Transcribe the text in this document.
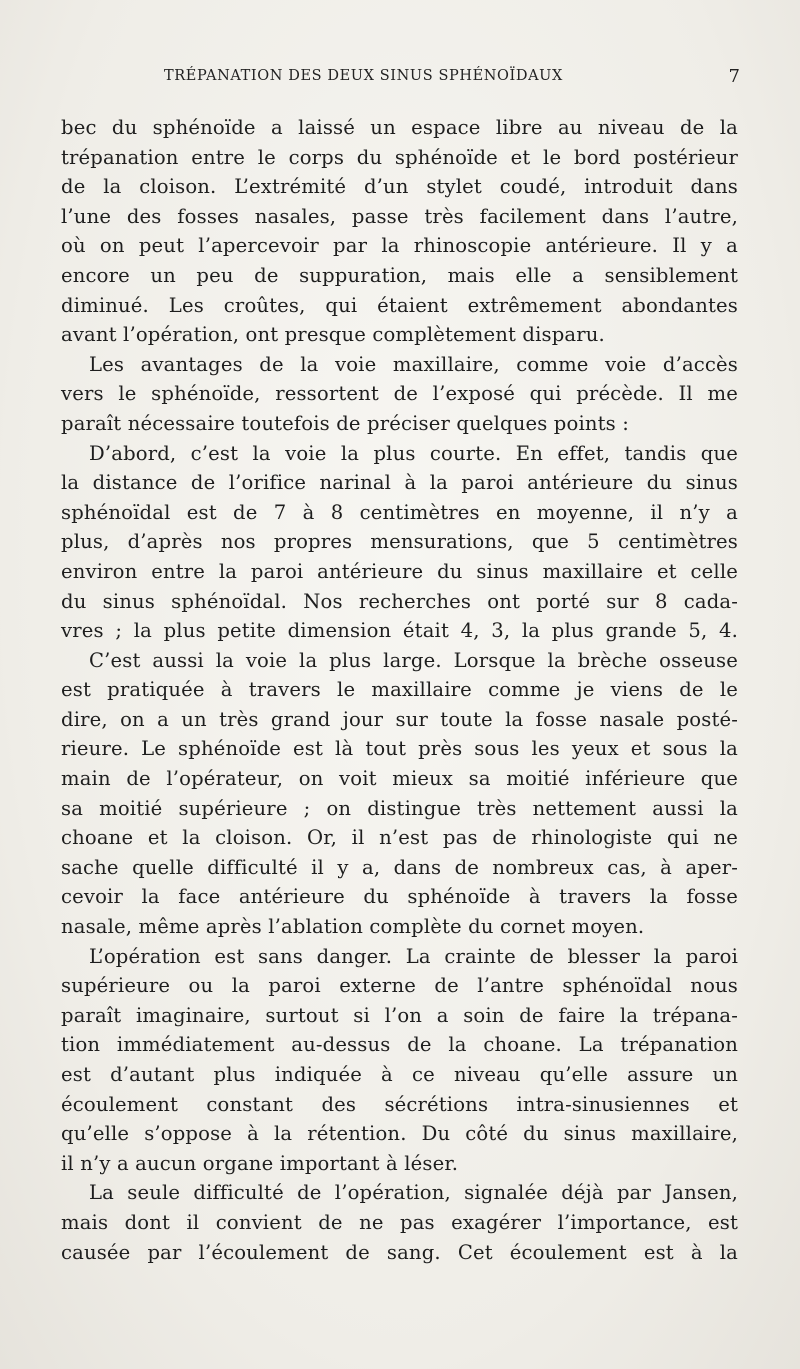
TRÉPANATION DES DEUX SINUS SPHÉNOÏDAUX	7

bec du sphénoïde a laissé un espace libre au niveau de la

trépanation entre le corps du sphénoïde et le bord postérieur

de la cloison. L’extrémité d’un stylet coudé, introduit dans

l’une des fosses nasales, passe très facilement dans l’autre,

où on peut l’apercevoir par la rhinoscopie antérieure. Il y a

encore un peu de suppuration, mais elle a sensiblement

diminué. Les croûtes, qui étaient extrêmement abondantes

avant l’opération, ont presque complètement disparu.

Les avantages de la voie maxillaire, comme voie d’accès

vers le sphénoïde, ressortent de l’exposé qui précède. Il me

paraît nécessaire toutefois de préciser quelques points :

D’abord, c’est la voie la plus courte. En effet, tandis que

la distance de l’orifice narinal à la paroi antérieure du sinus

sphénoïdal est de 7 à 8 centimètres en moyenne, il n’y a

plus, d’après nos propres mensurations, que 5 centimètres

environ entre la paroi antérieure du sinus maxillaire et celle

du sinus sphénoïdal. Nos recherches ont porté sur 8 cada-

vres ; la plus petite dimension était 4, 3, la plus grande 5, 4.

C’est aussi la voie la plus large. Lorsque la brèche osseuse

est pratiquée à travers le maxillaire comme je viens de le

dire, on a un très grand jour sur toute la fosse nasale posté-

rieure. Le sphénoïde est là tout près sous les yeux et sous la

main de l’opérateur, on voit mieux sa moitié inférieure que

sa moitié supérieure ; on distingue très nettement aussi la

choane et la cloison. Or, il n’est pas de rhinologiste qui ne

sache quelle difficulté il y a, dans de nombreux cas, à aper-

cevoir la face antérieure du sphénoïde à travers la fosse

nasale, même après l’ablation complète du cornet moyen.

L’opération est sans danger. La crainte de blesser la paroi

supérieure ou la paroi externe de l’antre sphénoïdal nous

paraît imaginaire, surtout si l’on a soin de faire la trépana-

tion immédiatement au-dessus de la choane. La trépanation

est d’autant plus indiquée à ce niveau qu’elle assure un

écoulement constant des sécrétions intra-sinusiennes et

qu’elle s’oppose à la rétention. Du côté du sinus maxillaire,

il n’y a aucun organe important à léser.

La seule difficulté de l’opération, signalée déjà par Jansen,

mais dont il convient de ne pas exagérer l’importance, est

causée par l’écoulement de sang. Cet écoulement est à la
